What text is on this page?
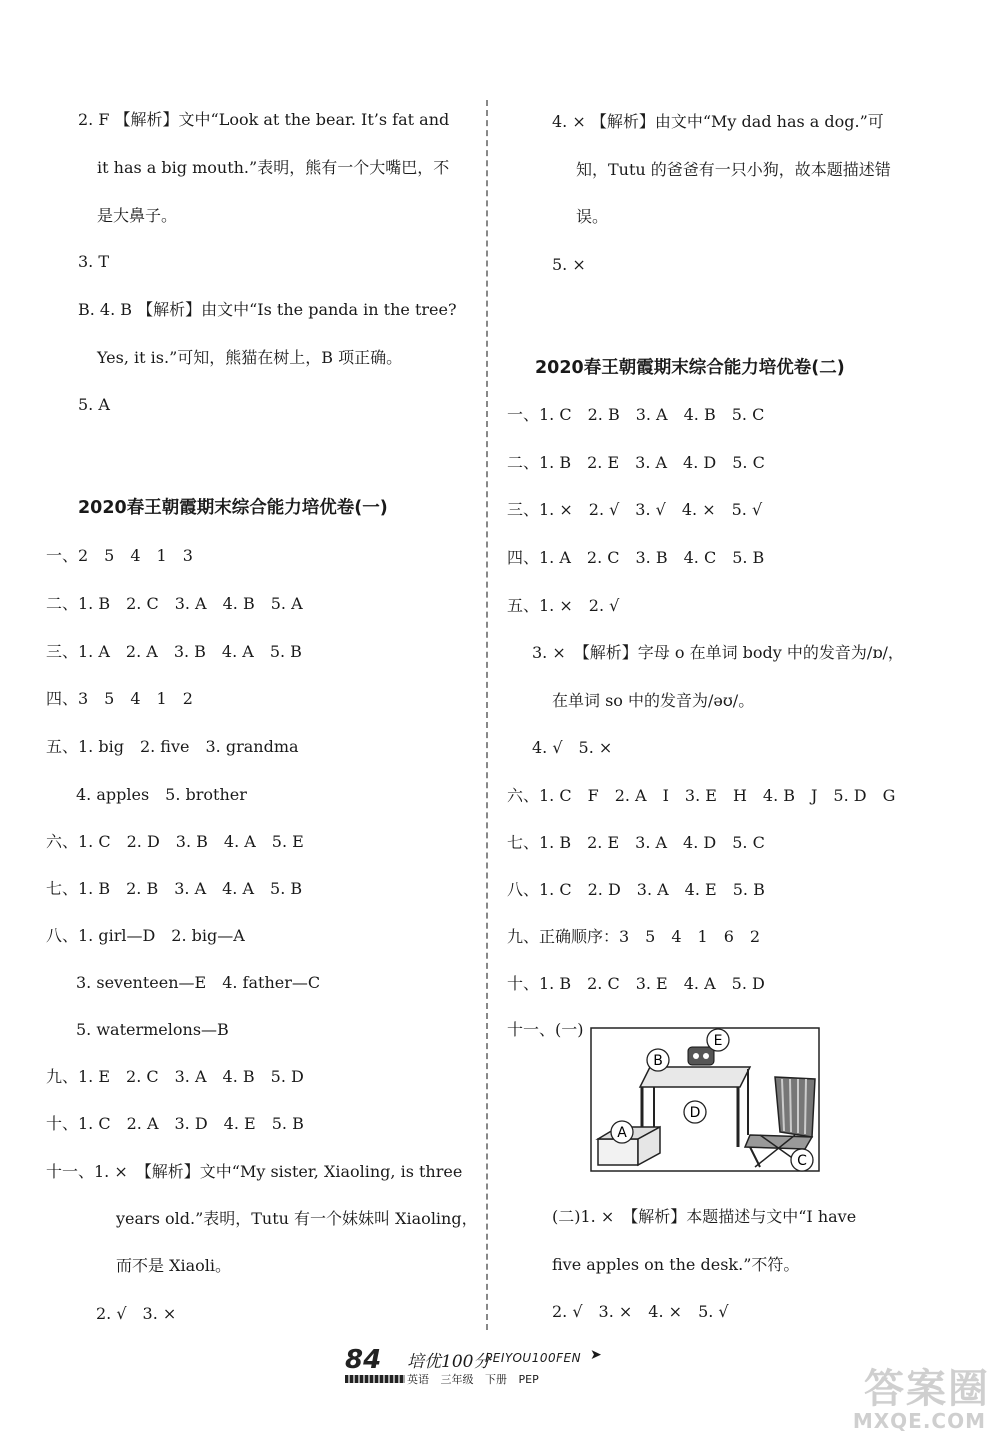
2. F 【解析】文中“Look at the bear. It’s fat and
it has a big mouth.”表明，熊有一个大嘴巴，不
是大鼻子。
3. T
B. 4. B 【解析】由文中“Is the panda in the tree?
Yes, it is.”可知，熊猫在树上，B 项正确。
5. A
2020春王朝霞期末综合能力培优卷(一)
一、2　5　4　1　3
二、1. B　2. C　3. A　4. B　5. A
三、1. A　2. A　3. B　4. A　5. B
四、3　5　4　1　2
五、1. big　2. five　3. grandma
4. apples　5. brother
六、1. C　2. D　3. B　4. A　5. E
七、1. B　2. B　3. A　4. A　5. B
八、1. girl—D　2. big—A
3. seventeen—E　4. father—C
5. watermelons—B
九、1. E　2. C　3. A　4. B　5. D
十、1. C　2. A　3. D　4. E　5. B
十一、1. ×　【解析】文中“My sister, Xiaoling, is three
years old.”表明，Tutu 有一个妹妹叫 Xiaoling，
而不是 Xiaoli。
2. √　3. ×
4. × 【解析】由文中“My dad has a dog.”可
知，Tutu 的爸爸有一只小狗，故本题描述错
误。
5. ×
2020春王朝霞期末综合能力培优卷(二)
一、1. C　2. B　3. A　4. B　5. C
二、1. B　2. E　3. A　4. D　5. C
三、1. ×　2. √　3. √　4. ×　5. √
四、1. A　2. C　3. B　4. C　5. B
五、1. ×　2. √
3. ×　【解析】字母 o 在单词 body 中的发音为/ɒ/，
在单词 so 中的发音为/əʊ/。
4. √　5. ×
六、1. C　F　2. A　I　3. E　H　4. B　J　5. D　G
七、1. B　2. E　3. A　4. D　5. C
八、1. C　2. D　3. A　4. E　5. B
九、正确顺序：3　5　4　1　6　2
十、1. B　2. C　3. E　4. A　5. D
十一、(一)
A
B
C
D
E
(二)1. ×　【解析】本题描述与文中“I have
five apples on the desk.”不符。
2. √　3. ×　4. ×　5. √
84 培优100分
PEIYOU100FEN ➤
英语 三年级 下册 PEP	答案圈
MXQE.COM
